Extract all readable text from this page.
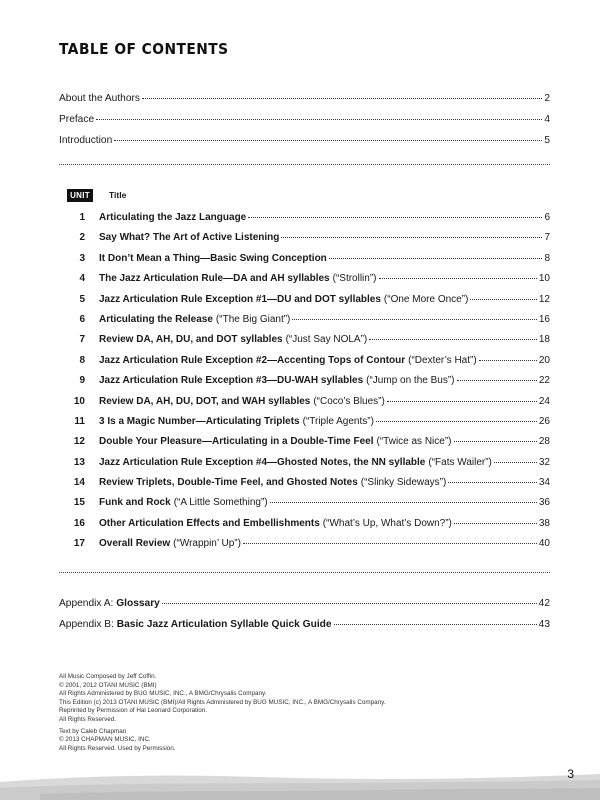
TABLE OF CONTENTS
About the Authors	2
Preface	4
Introduction	5
UNIT	Title
1 Articulating the Jazz Language	6
2 Say What? The Art of Active Listening	7
3 It Don’t Mean a Thing—Basic Swing Conception	8
4 The Jazz Articulation Rule—DA and AH syllables (“Strollin”)	10
5 Jazz Articulation Rule Exception #1—DU and DOT syllables (“One More Once”)	12
6 Articulating the Release (“The Big Giant”)	16
7 Review DA, AH, DU, and DOT syllables (“Just Say NOLA”)	18
8 Jazz Articulation Rule Exception #2—Accenting Tops of Contour (“Dexter’s Hat”)	20
9 Jazz Articulation Rule Exception #3—DU-WAH syllables (“Jump on the Bus”)	22
10 Review DA, AH, DU, DOT, and WAH syllables (“Coco’s Blues”)	24
11 3 Is a Magic Number—Articulating Triplets (“Triple Agents”)	26
12 Double Your Pleasure—Articulating in a Double-Time Feel (“Twice as Nice”)	28
13 Jazz Articulation Rule Exception #4—Ghosted Notes, the NN syllable (“Fats Wailer”)	32
14 Review Triplets, Double-Time Feel, and Ghosted Notes (“Slinky Sideways”)	34
15 Funk and Rock (“A Little Something”)	36
16 Other Articulation Effects and Embellishments (“What’s Up, What’s Down?”)	38
17 Overall Review (“Wrappin’ Up”)	40
Appendix A: Glossary	42
Appendix B: Basic Jazz Articulation Syllable Quick Guide	43
All Music Composed by Jeff Coffin.
© 2001, 2012 OTANI MUSIC (BMI)
All Rights Administered by BUG MUSIC, INC., A BMG/Chrysalis Company.
This Edition (c) 2013 OTANI MUSIC (BMI)/All Rights Administered by BUG MUSIC, INC., A BMG/Chrysalis Company.
Reprinted by Permission of Hal Leonard Corporation.
All Rights Reserved.
Text by Caleb Chapman
© 2013 CHAPMAN MUSIC, INC.
All Rights Reserved. Used by Permission.
3
